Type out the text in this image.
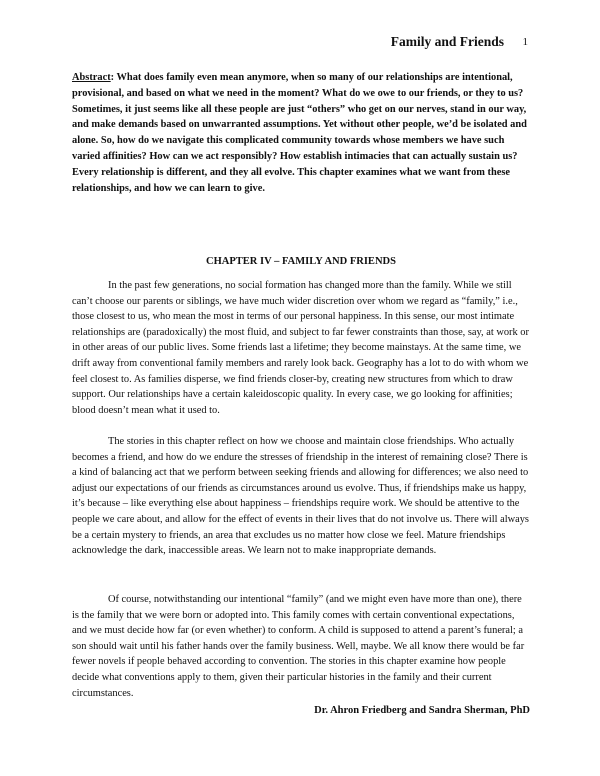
Family and Friends 1

Abstract: What does family even mean anymore, when so many of our relationships are intentional, provisional, and based on what we need in the moment? What do we owe to our friends, or they to us? Sometimes, it just seems like all these people are just “others” who get on our nerves, stand in our way, and make demands based on unwarranted assumptions. Yet without other people, we’d be isolated and alone. So, how do we navigate this complicated community towards whose members we have such varied affinities? How can we act responsibly? How establish intimacies that can actually sustain us? Every relationship is different, and they all evolve. This chapter examines what we want from these relationships, and how we can learn to give.

CHAPTER IV – FAMILY AND FRIENDS

In the past few generations, no social formation has changed more than the family. While we still can’t choose our parents or siblings, we have much wider discretion over whom we regard as “family,” i.e., those closest to us, who mean the most in terms of our personal happiness. In this sense, our most intimate relationships are (paradoxically) the most fluid, and subject to far fewer constraints than those, say, at work or in other areas of our public lives. Some friends last a lifetime; they become mainstays. At the same time, we drift away from conventional family members and rarely look back. Geography has a lot to do with whom we feel closest to. As families disperse, we find friends closer-by, creating new structures from which to draw support. Our relationships have a certain kaleidoscopic quality. In every case, we go looking for affinities; blood doesn’t mean what it used to.

The stories in this chapter reflect on how we choose and maintain close friendships. Who actually becomes a friend, and how do we endure the stresses of friendship in the interest of remaining close? There is a kind of balancing act that we perform between seeking friends and allowing for differences; we also need to adjust our expectations of our friends as circumstances around us evolve. Thus, if friendships make us happy, it’s because – like everything else about happiness – friendships require work. We should be attentive to the people we care about, and allow for the effect of events in their lives that do not involve us. There will always be a certain mystery to friends, an area that excludes us no matter how close we feel. Mature friendships acknowledge the dark, inaccessible areas. We learn not to make inappropriate demands.

Of course, notwithstanding our intentional “family” (and we might even have more than one), there is the family that we were born or adopted into. This family comes with certain conventional expectations, and we must decide how far (or even whether) to conform. A child is supposed to attend a parent’s funeral; a son should wait until his father hands over the family business. Well, maybe. We all know there would be far fewer novels if people behaved according to convention. The stories in this chapter examine how people decide what conventions apply to them, given their particular histories in the family and their current circumstances.

Dr. Ahron Friedberg and Sandra Sherman, PhD
